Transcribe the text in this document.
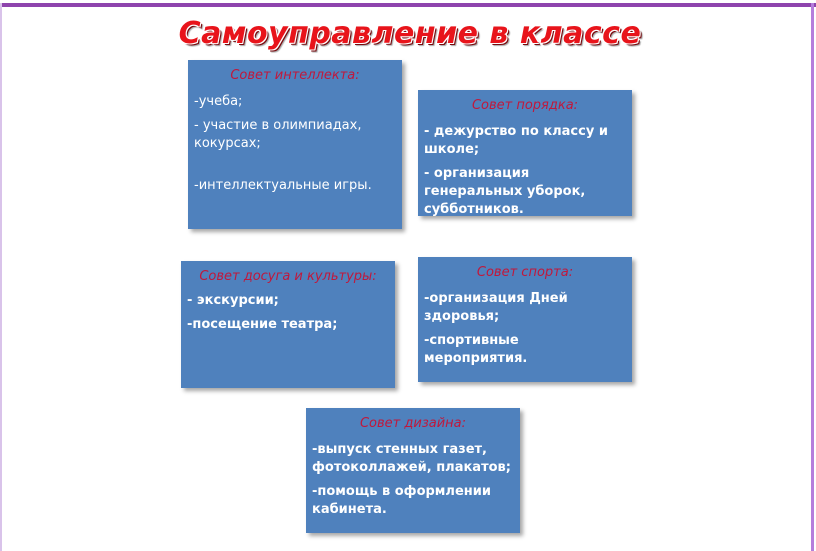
Самоуправление в классе
Совет интеллекта:
-учеба;
- участие в олимпиадах, кокурсах;
-интеллектуальные игры.
Совет порядка:
- дежурство по классу и школе;
- организация генеральных уборок, субботников.
Совет досуга и культуры:
- экскурсии;
-посещение театра;
Совет спорта:
-организация Дней здоровья;
-спортивные мероприятия.
Совет дизайна:
-выпуск стенных газет, фотоколлажей, плакатов;
-помощь в оформлении кабинета.
